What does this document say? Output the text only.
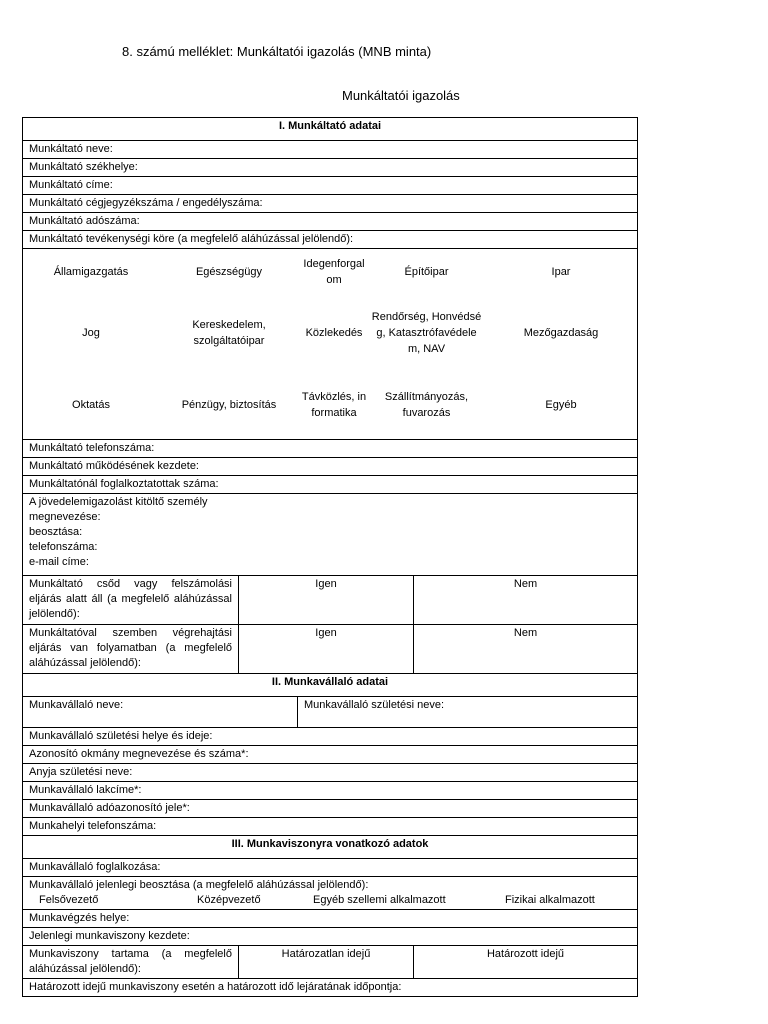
8. számú melléklet: Munkáltatói igazolás (MNB minta)
Munkáltatói igazolás
I. Munkáltató adatai
Munkáltató neve:
Munkáltató székhelye:
Munkáltató címe:
Munkáltató cégjegyzékszáma / engedélyszáma:
Munkáltató adószáma:
Munkáltató tevékenységi köre (a megfelelő aláhúzással jelölendő):

Államigazgatás	Egészségügy	Idegenforgalom	Építőipar	Ipar
Jog	Kereskedelem, szolgáltatóipar	Közlekedés	Rendőrség, Honvédség, Katasztrófavédelem, NAV	Mezőgazdaság
Oktatás	Pénzügy, biztosítás	Távközlés, informatika	Szállítmányozás, fuvarozás	Egyéb

Munkáltató telefonszáma:
Munkáltató működésének kezdete:
Munkáltatónál foglalkoztatottak száma:

A jövedelemigazolást kitöltő személy
megnevezése:
beosztása:
telefonszáma:
e-mail címe:

Munkáltató csőd vagy felszámolási eljárás alatt áll (a megfelelő aláhúzással jelölendő):	Igen	Nem
Munkáltatóval szemben végrehajtási eljárás van folyamatban (a megfelelő aláhúzással jelölendő):	Igen	Nem
II. Munkavállaló adatai
Munkavállaló neve:	Munkavállaló születési neve:
Munkavállaló születési helye és ideje:
Azonosító okmány megnevezése és száma*:
Anyja születési neve:
Munkavállaló lakcíme*:
Munkavállaló adóazonosító jele*:
Munkahelyi telefonszáma:
III. Munkaviszonyra vonatkozó adatok
Munkavállaló foglalkozása:

Munkavállaló jelenlegi beosztása (a megfelelő aláhúzással jelölendő):
Felsővezető	Középvezető	Egyéb szellemi alkalmazott	Fizikai alkalmazott

Munkavégzés helye:
Jelenlegi munkaviszony kezdete:
Munkaviszony tartama (a megfelelő aláhúzással jelölendő):	Határozatlan idejű	Határozott idejű
Határozott idejű munkaviszony esetén a határozott idő lejáratának időpontja:
